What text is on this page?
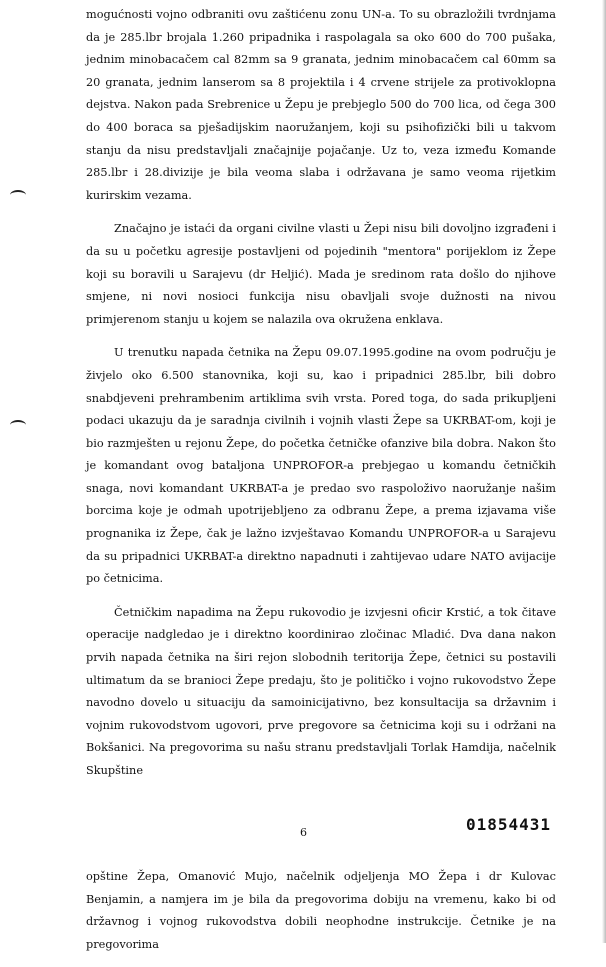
mogućnosti vojno odbraniti ovu zaštićenu zonu UN-a. To su obrazložili tvrdnjama da je 285.lbr brojala 1.260 pripadnika i raspolagala sa oko 600 do 700 pušaka, jednim minobacačem cal 82mm sa 9 granata, jednim minobacačem cal 60mm sa 20 granata, jednim lanserom sa 8 projektila i 4 crvene strijele za protivoklopna dejstva. Nakon pada Srebrenice u Žepu je prebjeglo 500 do 700 lica, od čega 300 do 400 boraca sa pješadijskim naoružanjem, koji su psihofizički bili u takvom stanju da nisu predstavljali značajnije pojačanje. Uz to, veza između Komande 285.lbr i 28.divizije je bila veoma slaba i održavana je samo veoma rijetkim kurirskim vezama.

Značajno je istaći da organi civilne vlasti u Žepi nisu bili dovoljno izgrađeni i da su u početku agresije postavljeni od pojedinih "mentora" porijeklom iz Žepe koji su boravili u Sarajevu (dr Heljić). Mada je sredinom rata došlo do njihove smjene, ni novi nosioci funkcija nisu obavljali svoje dužnosti na nivou primjerenom stanju u kojem se nalazila ova okružena enklava.

U trenutku napada četnika na Žepu 09.07.1995.godine na ovom području je živjelo oko 6.500 stanovnika, koji su, kao i pripadnici 285.lbr, bili dobro snabdjeveni prehrambenim artiklima svih vrsta. Pored toga, do sada prikupljeni podaci ukazuju da je saradnja civilnih i vojnih vlasti Žepe sa UKRBAT-om, koji je bio razmješten u rejonu Žepe, do početka četničke ofanzive bila dobra. Nakon što je komandant ovog bataljona UNPROFOR-a prebjegao u komandu četničkih snaga, novi komandant UKRBAT-a je predao svo raspoloživo naoružanje našim borcima koje je odmah upotrijebljeno za odbranu Žepe, a prema izjavama više prognanika iz Žepe, čak je lažno izvještavao Komandu UNPROFOR-a u Sarajevu da su pripadnici UKRBAT-a direktno napadnuti i zahtijevao udare NATO avijacije po četnicima.

Četničkim napadima na Žepu rukovodio je izvjesni oficir Krstić, a tok čitave operacije nadgledao je i direktno koordinirao zločinac Mladić. Dva dana nakon prvih napada četnika na širi rejon slobodnih teritorija Žepe, četnici su postavili ultimatum da se branioci Žepe predaju, što je političko i vojno rukovodstvo Žepe navodno dovelo u situaciju da samoinicijativno, bez konsultacija sa državnim i vojnim rukovodstvom ugovori, prve pregovore sa četnicima koji su i održani na Bokšanici. Na pregovorima su našu stranu predstavljali Torlak Hamdija, načelnik Skupštine

6	01854431

opštine Žepa, Omanović Mujo, načelnik odjeljenja MO Žepa i dr Kulovac Benjamin, a namjera im je bila da pregovorima dobiju na vremenu, kako bi od državnog i vojnog rukovodstva dobili neophodne instrukcije. Četnike je na pregovorima
